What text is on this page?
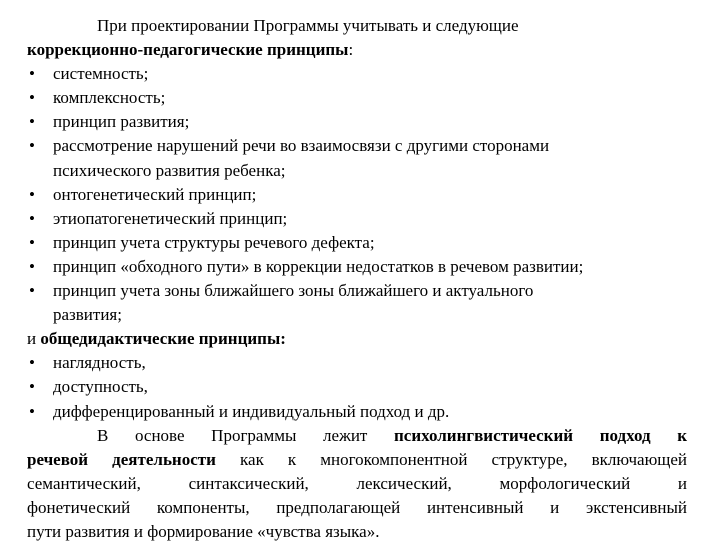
При проектировании Программы учитывать и следующие
коррекционно-педагогические принципы:
•	системность;
•	комплексность;
•	принцип развития;
•	рассмотрение нарушений речи во взаимосвязи с другими сторонами
психического развития ребенка;
•	онтогенетический принцип;
•	этиопатогенетический принцип;
•	принцип учета структуры речевого дефекта;
•	принцип «обходного пути» в коррекции недостатков в речевом развитии;
•	принцип учета зоны ближайшего зоны ближайшего и актуального
развития;
и общедидактические принципы:
•	наглядность,
•	доступность,
•	дифференцированный и индивидуальный подход и др.
В основе Программы лежит психолингвистический подход к
речевой деятельности как к многокомпонентной структуре, включающей
семантический, синтаксический, лексический, морфологический и
фонетический компоненты, предполагающей интенсивный и экстенсивный
пути развития и формирование «чувства языка».
